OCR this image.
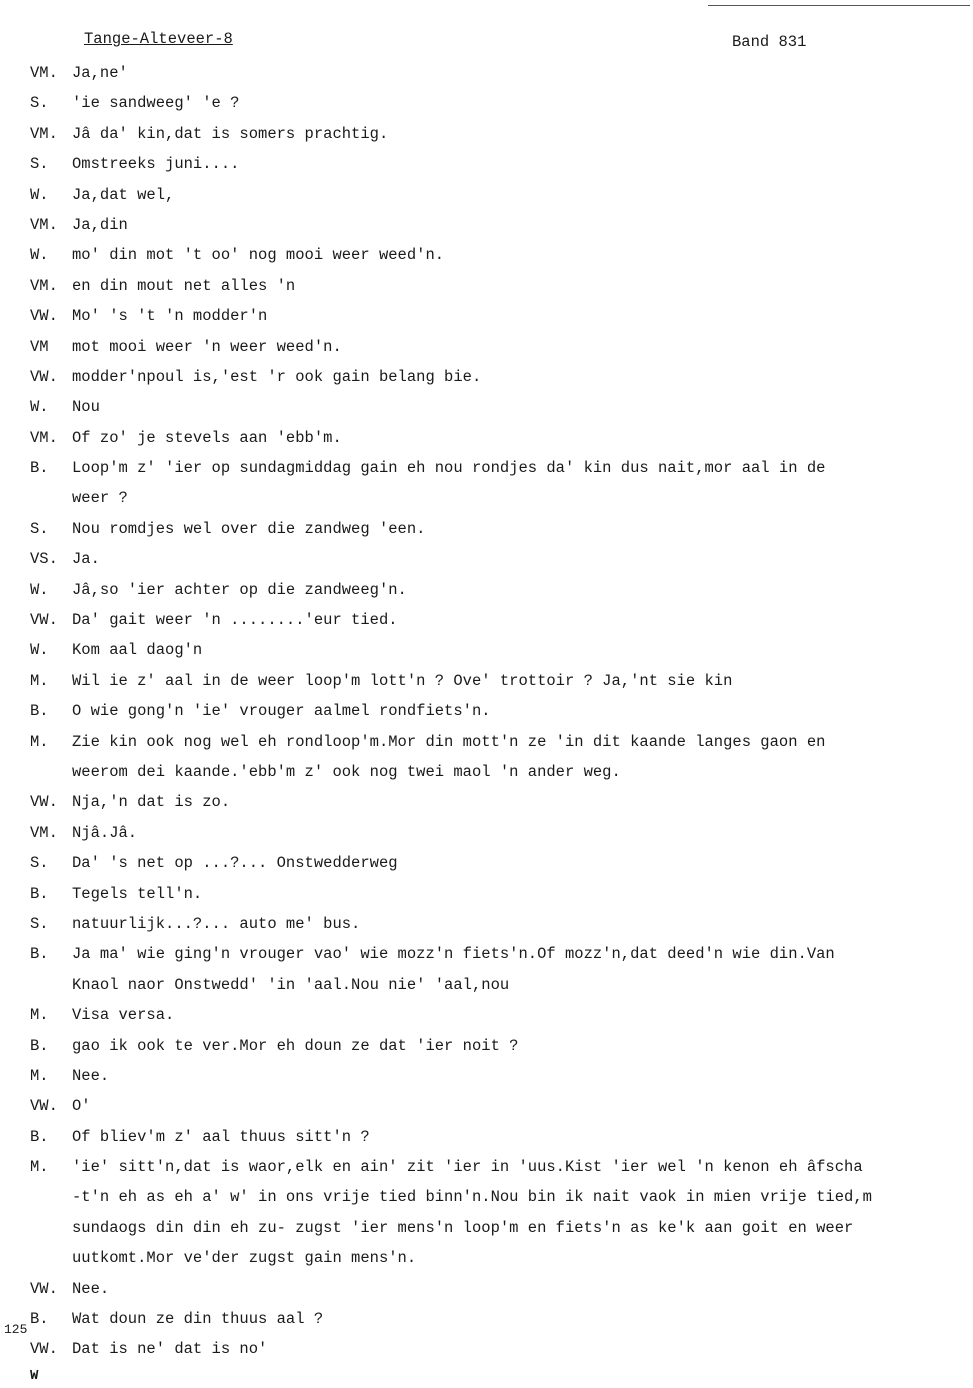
Tange-Alteveer-8	Band 831
VM. Ja,ne'
S. 'ie sandweeg' 'e ?
VM. Jâ da' kin,dat is somers prachtig.
S. Omstreeks juni....
W. Ja,dat wel,
VM. Ja,din
W. mo' din mot 't oo' nog mooi weer weed'n.
VM. en din mout net alles 'n
VW. Mo' 's 't 'n modder'n
VM mot mooi weer 'n weer weed'n.
VW. modder'npoul is,'est 'r ook gain belang bie.
W. Nou
VM. Of zo' je stevels aan 'ebb'm.
B. Loop'm z' 'ier op sundagmiddag gain eh nou rondjes da' kin dus nait,mor aal in de
weer ?
S. Nou romdjes wel over die zandweg 'een.
VS. Ja.
W. Jâ,so 'ier achter op die zandweeg'n.
VW. Da' gait weer 'n ........'eur tied.
W. Kom aal daog'n
M. Wil ie z' aal in de weer loop'm lott'n ? Ove' trottoir ? Ja,'nt sie kin
B. O wie gong'n 'ie' vrouger aalmel rondfiets'n.
M. Zie kin ook nog wel eh rondloop'm.Mor din mott'n ze 'in dit kaande langes gaon en
weerom dei kaande.'ebb'm z' ook nog twei maol 'n ander weg.
VW. Nja,'n dat is zo.
VM. Njâ.Jâ.
S. Da' 's net op ...?... Onstwedderweg
B. Tegels tell'n.
S. natuurlijk...?... auto me' bus.
B. Ja ma' wie ging'n vrouger vao' wie mozz'n fiets'n.Of mozz'n,dat deed'n wie din.Van
Knaol naor Onstwedd' 'in 'aal.Nou nie' 'aal,nou
M. Visa versa.
B. gao ik ook te ver.Mor eh doun ze dat 'ier noit ?
M. Nee.
VW. O'
B. Of bliev'm z' aal thuus sitt'n ?
M. 'ie' sitt'n,dat is waor,elk en ain' zit 'ier in 'uus.Kist 'ier wel 'n kenon eh âfscha
-t'n eh as eh a' w' in ons vrije tied binn'n.Nou bin ik nait vaok in mien vrije tied,m
sundaogs din din eh zu- zugst 'ier mens'n loop'm en fiets'n as ke'k aan goit en weer
uutkomt.Mor ve'der zugst gain mens'n.
VW. Nee.
B. Wat doun ze din thuus aal ?
VW. Dat is ne' dat is no'
125
W
